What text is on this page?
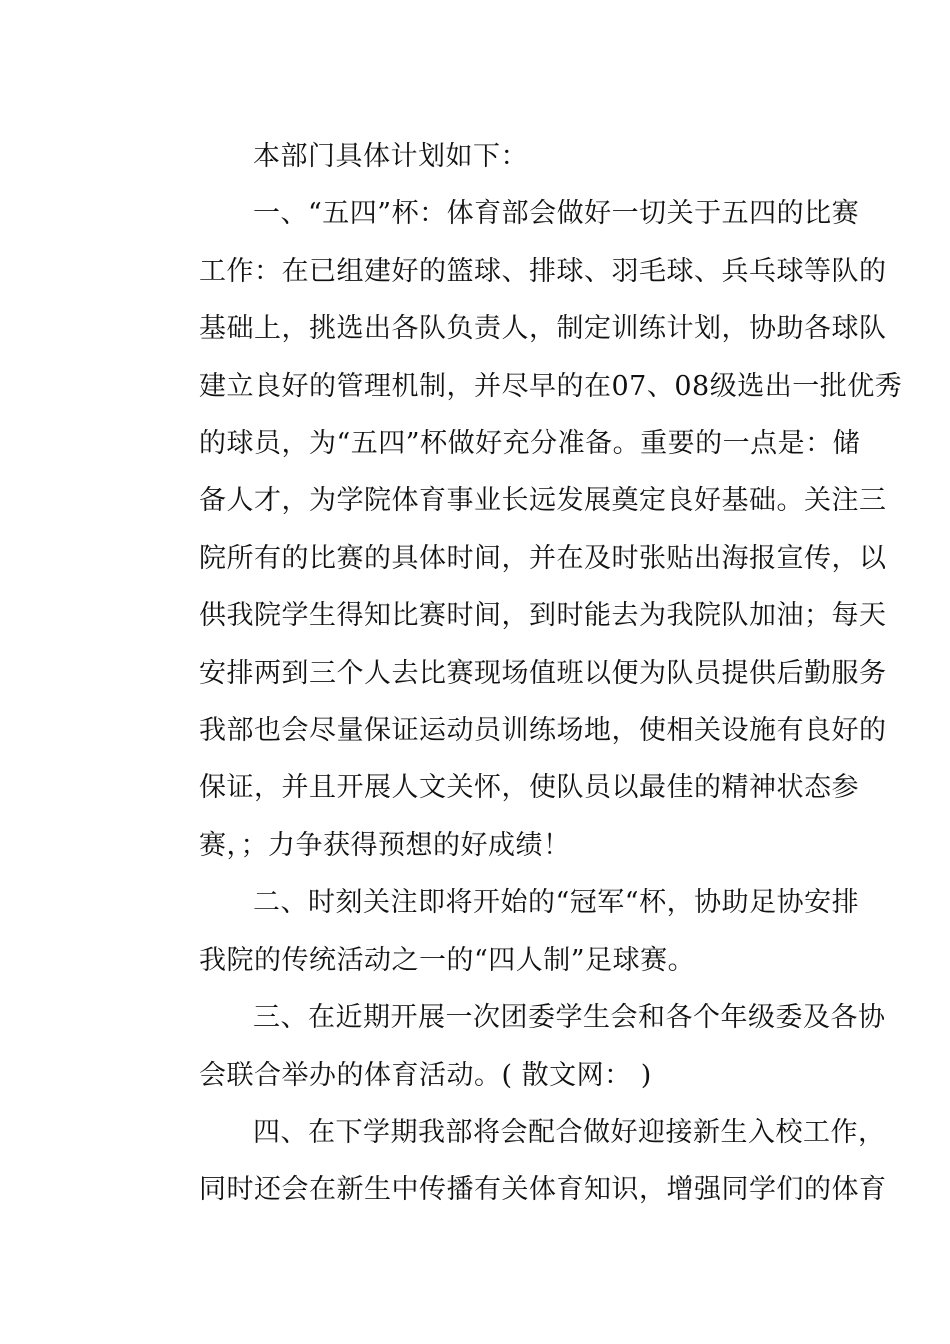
本部门具体计划如下：
一、“五四”杯：体育部会做好一切关于五四的比赛
工作：在已组建好的篮球、排球、羽毛球、兵乓球等队的
基础上，挑选出各队负责人，制定训练计划，协助各球队
建立良好的管理机制，并尽早的在07、08级选出一批优秀
的球员，为“五四”杯做好充分准备。重要的一点是：储
备人才，为学院体育事业长远发展奠定良好基础。关注三
院所有的比赛的具体时间，并在及时张贴出海报宣传，以
供我院学生得知比赛时间，到时能去为我院队加油；每天
安排两到三个人去比赛现场值班以便为队员提供后勤服务
我部也会尽量保证运动员训练场地，使相关设施有良好的
保证，并且开展人文关怀，使队员以最佳的精神状态参
赛，；力争获得预想的好成绩！
二、时刻关注即将开始的“冠军“杯，协助足协安排
我院的传统活动之一的“四人制”足球赛。
三、在近期开展一次团委学生会和各个年级委及各协
会联合举办的体育活动。( 散文网： )
四、在下学期我部将会配合做好迎接新生入校工作，
同时还会在新生中传播有关体育知识，增强同学们的体育
